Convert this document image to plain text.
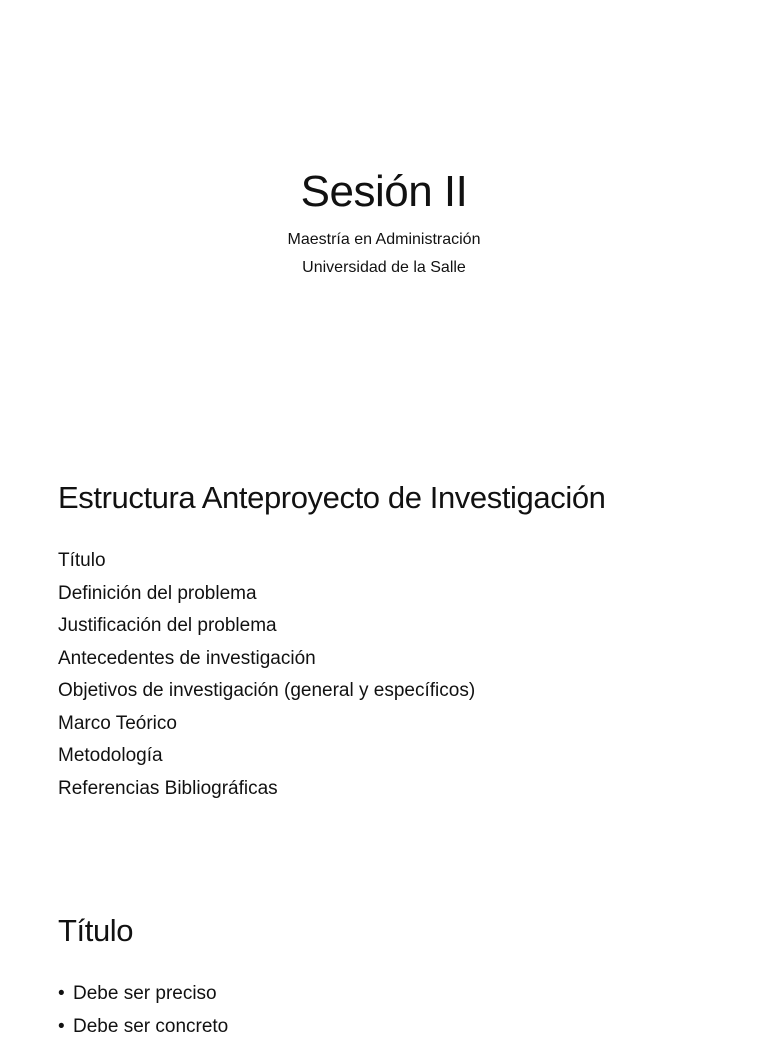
Sesión II
Maestría en Administración
Universidad de la Salle
Estructura Anteproyecto de Investigación
Título
Definición del problema
Justificación del problema
Antecedentes de investigación
Objetivos de investigación (general y específicos)
Marco Teórico
Metodología
Referencias Bibliográficas
Título
• Debe ser preciso
• Debe ser concreto
